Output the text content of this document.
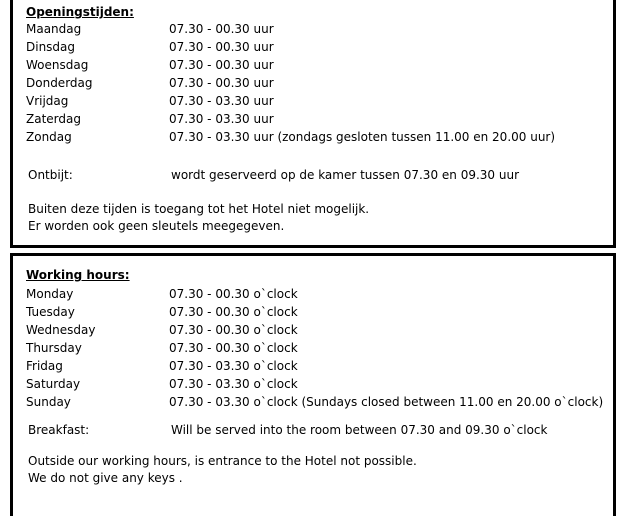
Openingstijden:
Maandag	07.30 - 00.30 uur
Dinsdag	07.30 - 00.30 uur
Woensdag	07.30 - 00.30 uur
Donderdag	07.30 - 00.30 uur
Vrijdag	07.30 - 03.30 uur
Zaterdag	07.30 - 03.30 uur
Zondag	07.30 - 03.30 uur (zondags gesloten tussen 11.00 en 20.00 uur)
Ontbijt:	wordt geserveerd op de kamer tussen 07.30 en 09.30 uur
Buiten deze tijden is toegang tot het Hotel niet mogelijk.
Er worden ook geen sleutels meegegeven.
Working hours:
Monday	07.30 - 00.30 o`clock
Tuesday	07.30 - 00.30 o`clock
Wednesday	07.30 - 00.30 o`clock
Thursday	07.30 - 00.30 o`clock
Fridag	07.30 - 03.30 o`clock
Saturday	07.30 - 03.30 o`clock
Sunday	07.30 - 03.30 o`clock (Sundays closed between 11.00 en 20.00 o`clock)
Breakfast:	Will be served into the room between 07.30 and 09.30 o`clock
Outside our working hours, is entrance to the Hotel not possible.
We do not give any keys .
